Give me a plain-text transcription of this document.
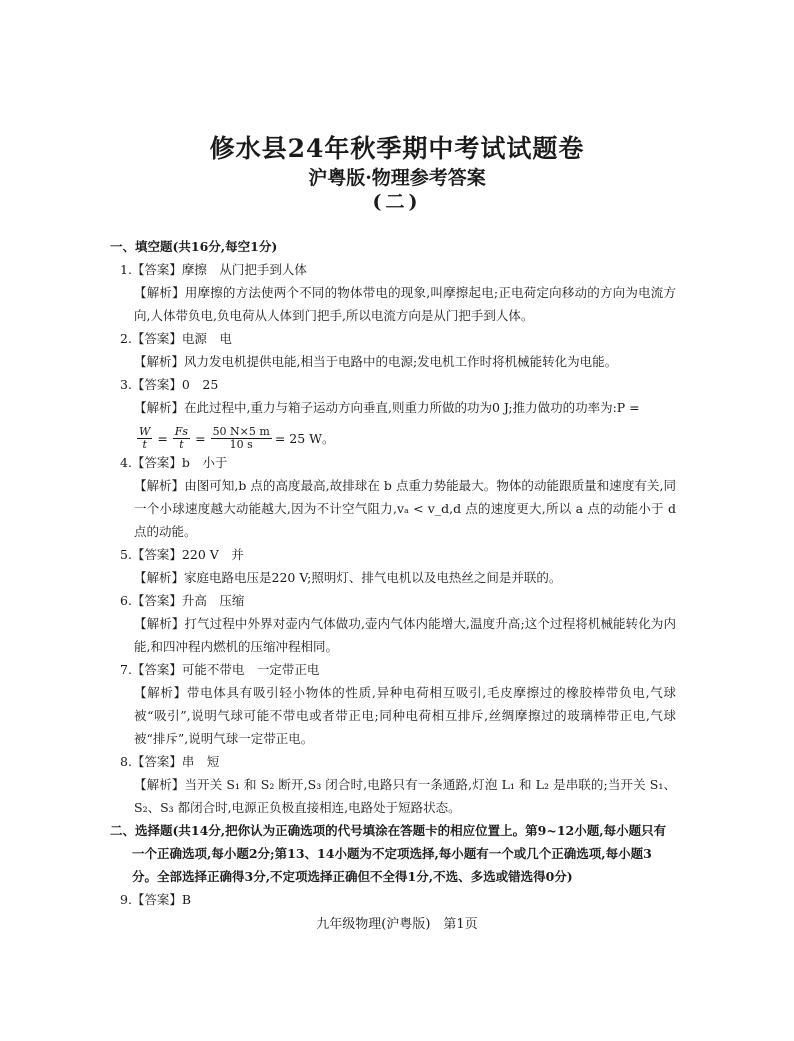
修水县24年秋季期中考试试题卷
沪粤版·物理参考答案
(二)
一、填空题(共16分,每空1分)
1.【答案】摩擦　从门把手到人体
【解析】用摩擦的方法使两个不同的物体带电的现象,叫摩擦起电;正电荷定向移动的方向为电流方向,人体带负电,负电荷从人体到门把手,所以电流方向是从门把手到人体。
2.【答案】电源　电
【解析】风力发电机提供电能,相当于电路中的电源;发电机工作时将机械能转化为电能。
3.【答案】0　25
【解析】在此过程中,重力与箱子运动方向垂直,则重力所做的功为0 J;推力做功的功率为:P =
$\frac{W}{t} = \frac{Fs}{t} = \frac{50 N\times 5 m}{10 s} = 25$ W。
4.【答案】b　小于
【解析】由图可知,b 点的高度最高,故排球在 b 点重力势能最大。物体的动能跟质量和速度有关,同一个小球速度越大动能越大,因为不计空气阻力,vₐ < v_d,d 点的速度更大,所以 a 点的动能小于 d 点的动能。
5.【答案】220 V　并
【解析】家庭电路电压是220 V;照明灯、排气电机以及电热丝之间是并联的。
6.【答案】升高　压缩
【解析】打气过程中外界对壶内气体做功,壶内气体内能增大,温度升高;这个过程将机械能转化为内能,和四冲程内燃机的压缩冲程相同。
7.【答案】可能不带电　一定带正电
【解析】带电体具有吸引轻小物体的性质,异种电荷相互吸引,毛皮摩擦过的橡胶棒带负电,气球被“吸引”,说明气球可能不带电或者带正电;同种电荷相互排斥,丝绸摩擦过的玻璃棒带正电,气球被“排斥”,说明气球一定带正电。
8.【答案】串　短
【解析】当开关 S₁ 和 S₂ 断开,S₃ 闭合时,电路只有一条通路,灯泡 L₁ 和 L₂ 是串联的;当开关 S₁、S₂、S₃ 都闭合时,电源正负极直接相连,电路处于短路状态。
二、选择题(共14分,把你认为正确选项的代号填涂在答题卡的相应位置上。第9~12小题,每小题只有一个正确选项,每小题2分;第13、14小题为不定项选择,每小题有一个或几个正确选项,每小题3分。全部选择正确得3分,不定项选择正确但不全得1分,不选、多选或错选得0分)
9.【答案】B
九年级物理(沪粤版)　第1页
